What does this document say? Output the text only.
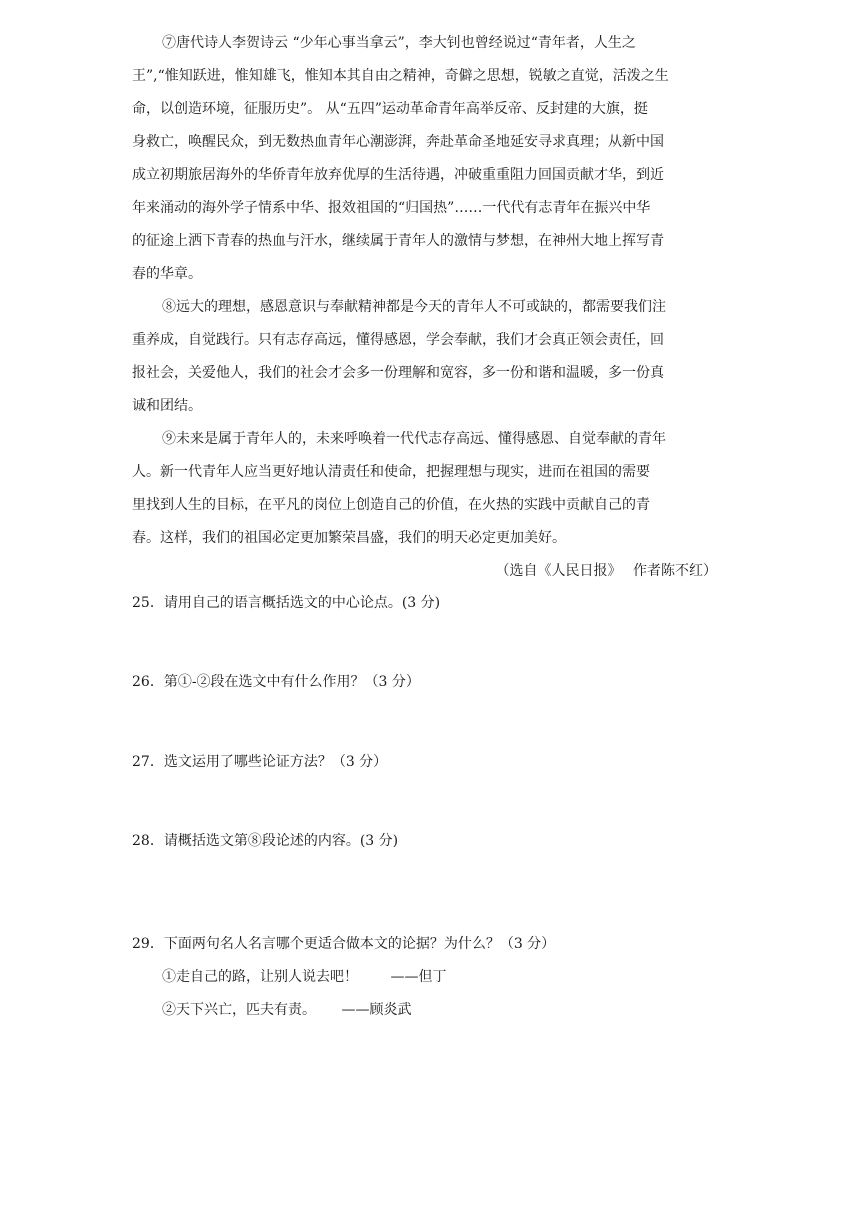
⑦唐代诗人李贺诗云 “少年心事当拿云”，李大钊也曾经说过“青年者，人生之
王”,“惟知跃进，惟知雄飞，惟知本其自由之精神，奇僻之思想，锐敏之直觉，活泼之生
命，以创造环境，征服历史”。 从“五四”运动革命青年高举反帝、反封建的大旗，挺
身救亡，唤醒民众，到无数热血青年心潮澎湃，奔赴革命圣地延安寻求真理；从新中国
成立初期旅居海外的华侨青年放弃优厚的生活待遇，冲破重重阻力回国贡献才华，到近
年来涌动的海外学子情系中华、报效祖国的“归国热”……一代代有志青年在振兴中华
的征途上洒下青春的热血与汗水，继续属于青年人的激情与梦想，在神州大地上挥写青
春的华章。
⑧远大的理想，感恩意识与奉献精神都是今天的青年人不可或缺的，都需要我们注
重养成，自觉践行。只有志存高远，懂得感恩，学会奉献，我们才会真正领会责任，回
报社会，关爱他人，我们的社会才会多一份理解和宽容，多一份和谐和温暖，多一份真
诚和团结。
⑨未来是属于青年人的，未来呼唤着一代代志存高远、懂得感恩、自觉奉献的青年
人。新一代青年人应当更好地认清责任和使命，把握理想与现实，进而在祖国的需要
里找到人生的目标，在平凡的岗位上创造自己的价值，在火热的实践中贡献自己的青
春。这样，我们的祖国必定更加繁荣昌盛，我们的明天必定更加美好。
（选自《人民日报》　 作者陈不红）
25．请用自己的语言概括选文的中心论点。(3 分)
26．第①-②段在选文中有什么作用？（3 分）
27．选文运用了哪些论证方法？（3 分）
28．请概括选文第⑧段论述的内容。(3 分)
29．下面两句名人名言哪个更适合做本文的论据？为什么？（3 分）
①走自己的路，让别人说去吧！　　 ——但丁
②天下兴亡，匹夫有责。　　 ——顾炎武
